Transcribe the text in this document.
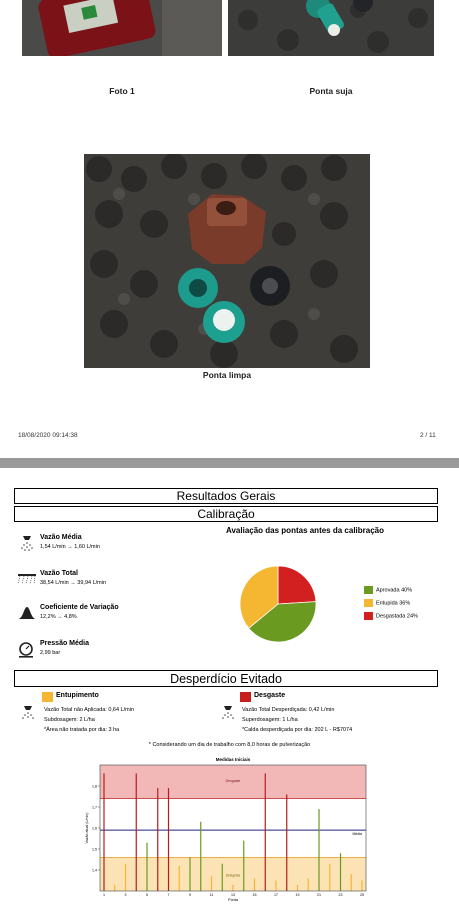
Foto 1	Ponta suja
Ponta limpa
18/08/2020 09:14:38	2 / 11
Resultados Gerais
Calibração
Vazão Média
1,54 L/min → 1,60 L/min
Vazão Total
38,54 L/min → 39,94 L/min
Coeficiente de Variação
12,2% → 4,8%
Pressão Média
2,99 bar
Avaliação das pontas antes da calibração
Aprovada 40%
Entupida 36%
Desgastada 24%
Desperdício Evitado
Entupimento
Vazão Total não Aplicada: 0,64 L/min
Subdosagem: 2 L/ha
*Área não tratada por dia: 3 ha
Desgaste
Vazão Total Desperdiçada: 0,42 L/min
Superdosagem: 1 L/ha
*Calda desperdiçada por dia: 202 L - R$7074
* Considerando um dia de trabalho com 8,0 horas de pulverização
Medidas Iniciais
Desgaste
Entupida
Média
1,4
1,5
1,6
1,7
1,8
1	3	5	7	9	11	13	15	17	19	21	23	25
Ponta
Vazão atual (L/min)
